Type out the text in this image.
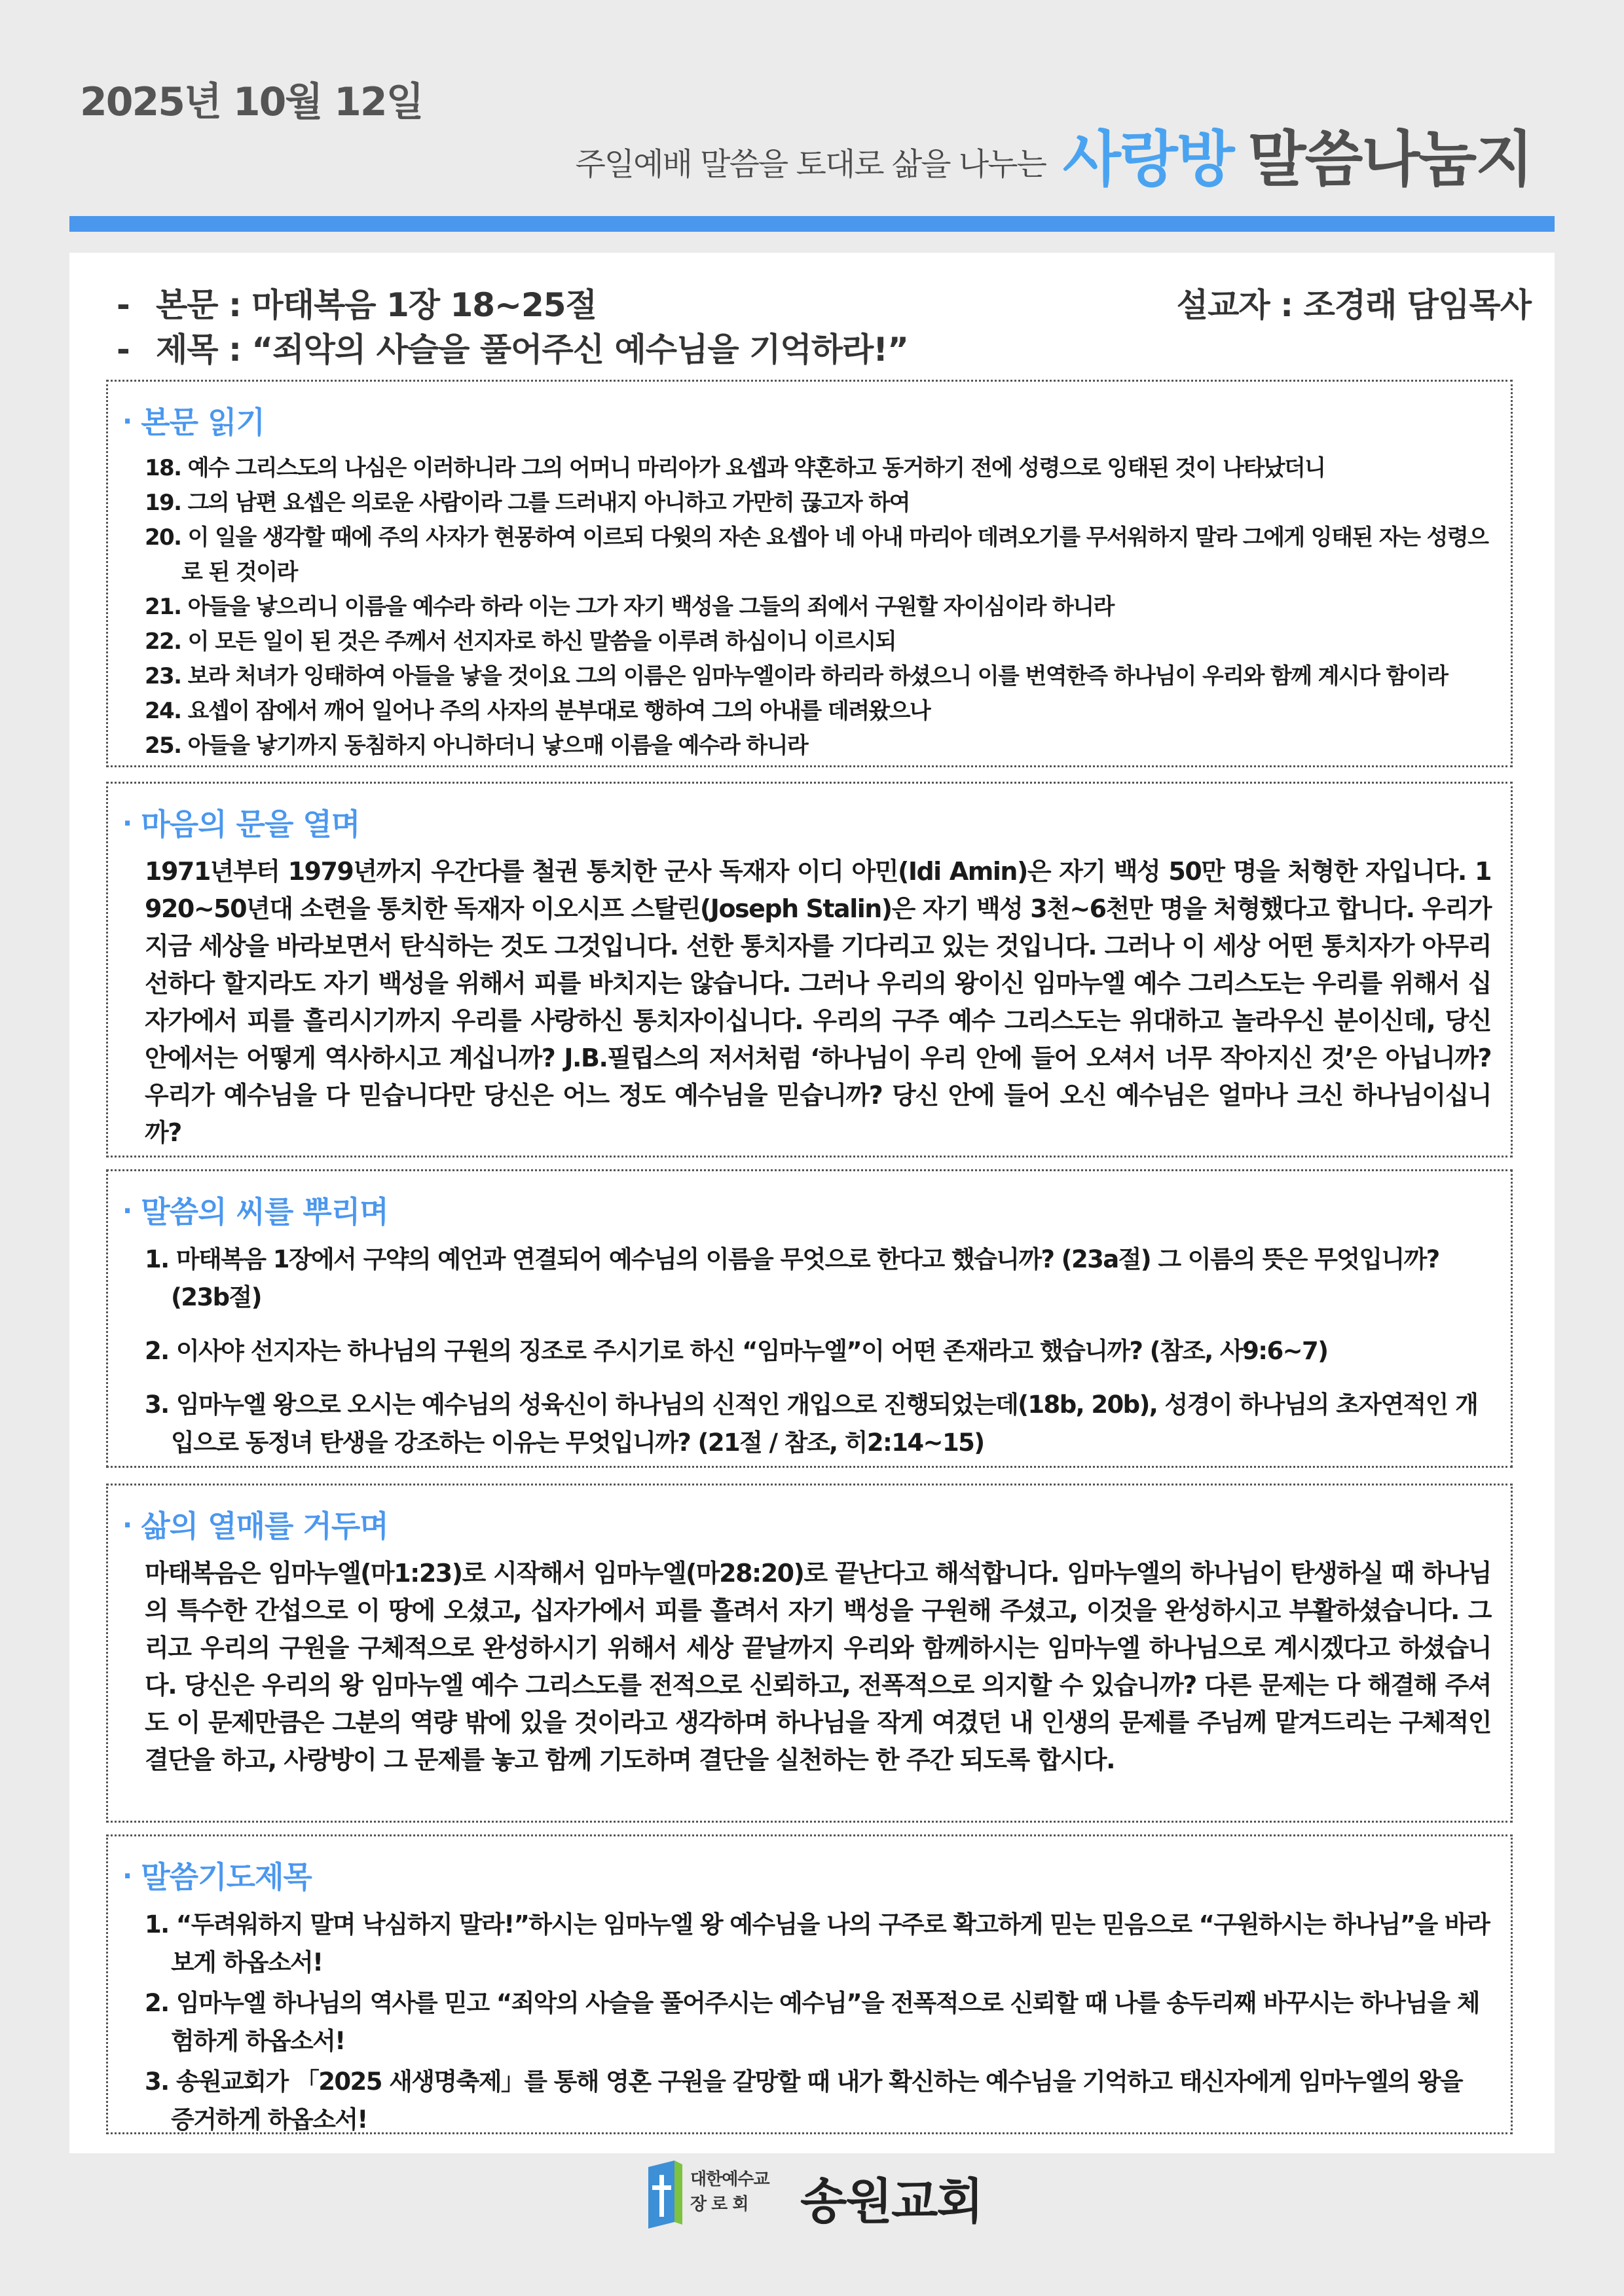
2025년 10월 12일
주일예배 말씀을 토대로 삶을 나누는 사랑방 말씀나눔지
- 본문 : 마태복음 1장 18~25절
- 제목 : “죄악의 사슬을 풀어주신 예수님을 기억하라!”
설교자 : 조경래 담임목사
· 본문 읽기
18. 예수 그리스도의 나심은 이러하니라 그의 어머니 마리아가 요셉과 약혼하고 동거하기 전에 성령으로 잉태된 것이 나타났더니
19. 그의 남편 요셉은 의로운 사람이라 그를 드러내지 아니하고 가만히 끊고자 하여
20. 이 일을 생각할 때에 주의 사자가 현몽하여 이르되 다윗의 자손 요셉아 네 아내 마리아 데려오기를 무서워하지 말라 그에게 잉태된 자는 성령으로 된 것이라
21. 아들을 낳으리니 이름을 예수라 하라 이는 그가 자기 백성을 그들의 죄에서 구원할 자이심이라 하니라
22. 이 모든 일이 된 것은 주께서 선지자로 하신 말씀을 이루려 하심이니 이르시되
23. 보라 처녀가 잉태하여 아들을 낳을 것이요 그의 이름은 임마누엘이라 하리라 하셨으니 이를 번역한즉 하나님이 우리와 함께 계시다 함이라
24. 요셉이 잠에서 깨어 일어나 주의 사자의 분부대로 행하여 그의 아내를 데려왔으나
25. 아들을 낳기까지 동침하지 아니하더니 낳으매 이름을 예수라 하니라
· 마음의 문을 열며

1971년부터 1979년까지 우간다를 철권 통치한 군사 독재자 이디 아민(Idi Amin)은 자기 백성 50만 명을 처형한 자입니다. 1920~50년대 소련을 통치한 독재자 이오시프 스탈린(Joseph Stalin)은 자기 백성 3천~6천만 명을 처형했다고 합니다. 우리가 지금 세상을 바라보면서 탄식하는 것도 그것입니다. 선한 통치자를 기다리고 있는 것입니다. 그러나 이 세상 어떤 통치자가 아무리 선하다 할지라도 자기 백성을 위해서 피를 바치지는 않습니다. 그러나 우리의 왕이신 임마누엘 예수 그리스도는 우리를 위해서 십자가에서 피를 흘리시기까지 우리를 사랑하신 통치자이십니다. 우리의 구주 예수 그리스도는 위대하고 놀라우신 분이신데, 당신 안에서는 어떻게 역사하시고 계십니까? J.B.필립스의 저서처럼 ‘하나님이 우리 안에 들어 오셔서 너무 작아지신 것’은 아닙니까? 우리가 예수님을 다 믿습니다만 당신은 어느 정도 예수님을 믿습니까? 당신 안에 들어 오신 예수님은 얼마나 크신 하나님이십니까?

· 말씀의 씨를 뿌리며
1. 마태복음 1장에서 구약의 예언과 연결되어 예수님의 이름을 무엇으로 한다고 했습니까? (23a절) 그 이름의 뜻은 무엇입니까? (23b절)
2. 이사야 선지자는 하나님의 구원의 징조로 주시기로 하신 “임마누엘”이 어떤 존재라고 했습니까? (참조, 사9:6~7)
3. 임마누엘 왕으로 오시는 예수님의 성육신이 하나님의 신적인 개입으로 진행되었는데(18b, 20b), 성경이 하나님의 초자연적인 개입으로 동정녀 탄생을 강조하는 이유는 무엇입니까? (21절 / 참조, 히2:14~15)
· 삶의 열매를 거두며

마태복음은 임마누엘(마1:23)로 시작해서 임마누엘(마28:20)로 끝난다고 해석합니다. 임마누엘의 하나님이 탄생하실 때 하나님의 특수한 간섭으로 이 땅에 오셨고, 십자가에서 피를 흘려서 자기 백성을 구원해 주셨고, 이것을 완성하시고 부활하셨습니다. 그리고 우리의 구원을 구체적으로 완성하시기 위해서 세상 끝날까지 우리와 함께하시는 임마누엘 하나님으로 계시겠다고 하셨습니다. 당신은 우리의 왕 임마누엘 예수 그리스도를 전적으로 신뢰하고, 전폭적으로 의지할 수 있습니까? 다른 문제는 다 해결해 주셔도 이 문제만큼은 그분의 역량 밖에 있을 것이라고 생각하며 하나님을 작게 여겼던 내 인생의 문제를 주님께 맡겨드리는 구체적인 결단을 하고, 사랑방이 그 문제를 놓고 함께 기도하며 결단을 실천하는 한 주간 되도록 합시다.

· 말씀기도제목
1. “두려워하지 말며 낙심하지 말라!”하시는 임마누엘 왕 예수님을 나의 구주로 확고하게 믿는 믿음으로 “구원하시는 하나님”을 바라보게 하옵소서!
2. 임마누엘 하나님의 역사를 믿고 “죄악의 사슬을 풀어주시는 예수님”을 전폭적으로 신뢰할 때 나를 송두리째 바꾸시는 하나님을 체험하게 하옵소서!
3. 송원교회가 「2025 새생명축제」를 통해 영혼 구원을 갈망할 때 내가 확신하는 예수님을 기억하고 태신자에게 임마누엘의 왕을 증거하게 하옵소서!
대한예수교
장 로 회	송원교회
